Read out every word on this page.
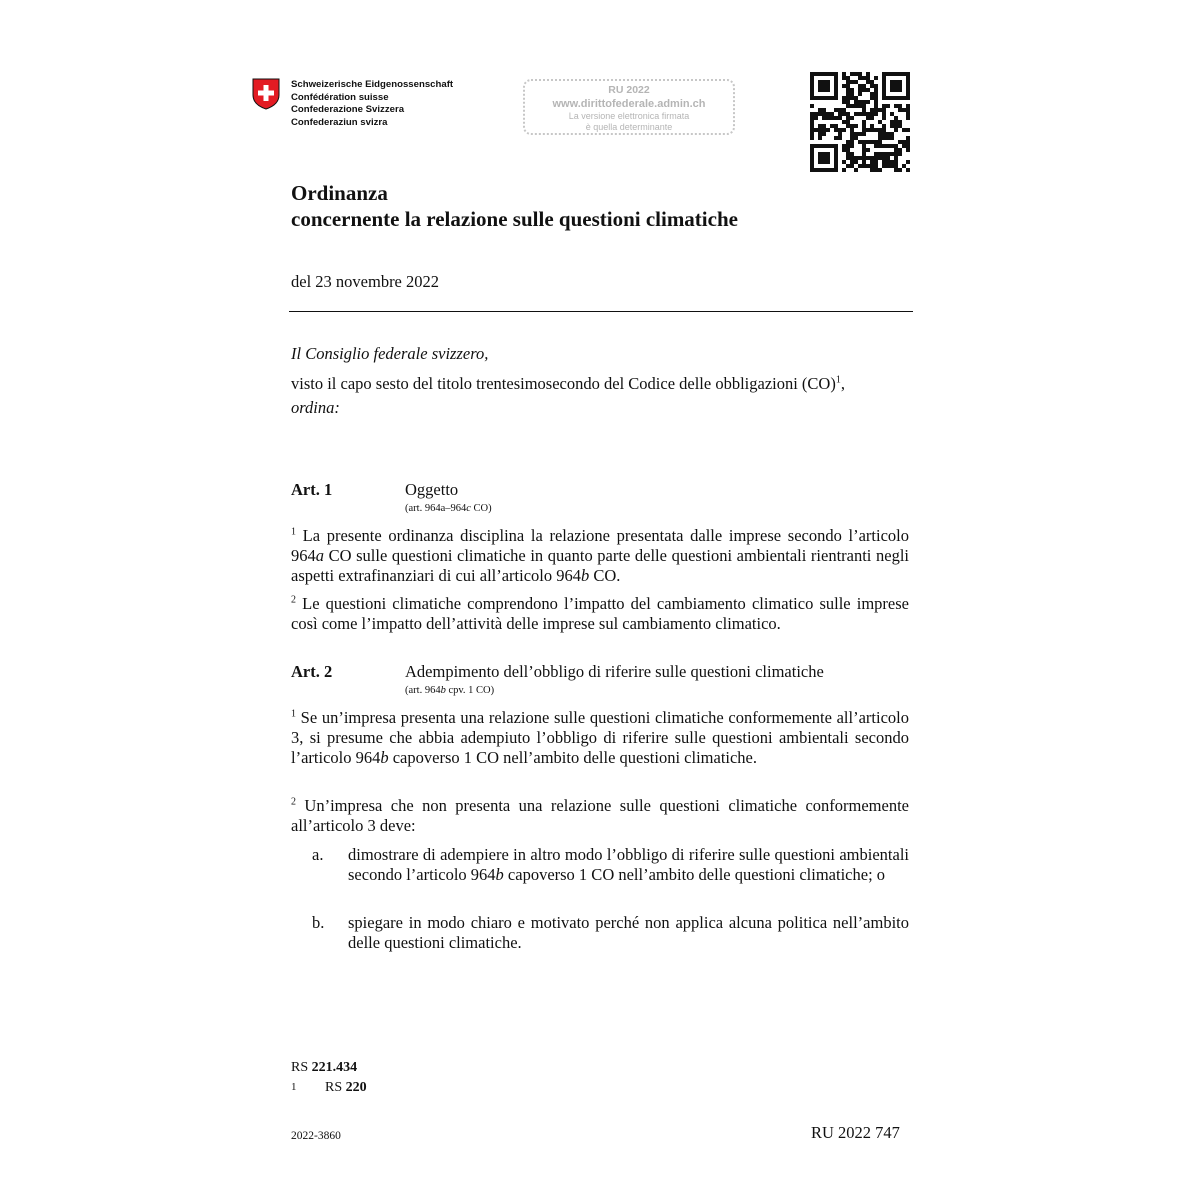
Schweizerische Eidgenossenschaft
Confédération suisse
Confederazione Svizzera
Confederaziun svizra
RU 2022
www.dirittofederale.admin.ch
La versione elettronica firmata
è quella determinante
Ordinanza
concernente la relazione sulle questioni climatiche
del 23 novembre 2022
Il Consiglio federale svizzero,
visto il capo sesto del titolo trentesimosecondo del Codice delle obbligazioni (CO)$^1$,
ordina:
Art. 1	Oggetto
(art. 964a–964c CO)
$^1$ La presente ordinanza disciplina la relazione presentata dalle imprese secondo l’articolo 964a CO sulle questioni climatiche in quanto parte delle questioni ambientali rientranti negli aspetti extrafinanziari di cui all’articolo 964b CO.
$^2$ Le questioni climatiche comprendono l’impatto del cambiamento climatico sulle imprese così come l’impatto dell’attività delle imprese sul cambiamento climatico.
Art. 2	Adempimento dell’obbligo di riferire sulle questioni climatiche
(art. 964b cpv. 1 CO)
$^1$ Se un’impresa presenta una relazione sulle questioni climatiche conformemente all’articolo 3, si presume che abbia adempiuto l’obbligo di riferire sulle questioni ambientali secondo l’articolo 964b capoverso 1 CO nell’ambito delle questioni climatiche.
$^2$ Un’impresa che non presenta una relazione sulle questioni climatiche conformemente all’articolo 3 deve:
a. dimostrare di adempiere in altro modo l’obbligo di riferire sulle questioni ambientali secondo l’articolo 964b capoverso 1 CO nell’ambito delle questioni climatiche; o
b. spiegare in modo chiaro e motivato perché non applica alcuna politica nell’ambito delle questioni climatiche.
RS 221.434
1 RS 220
2022-3860	RU 2022 747
